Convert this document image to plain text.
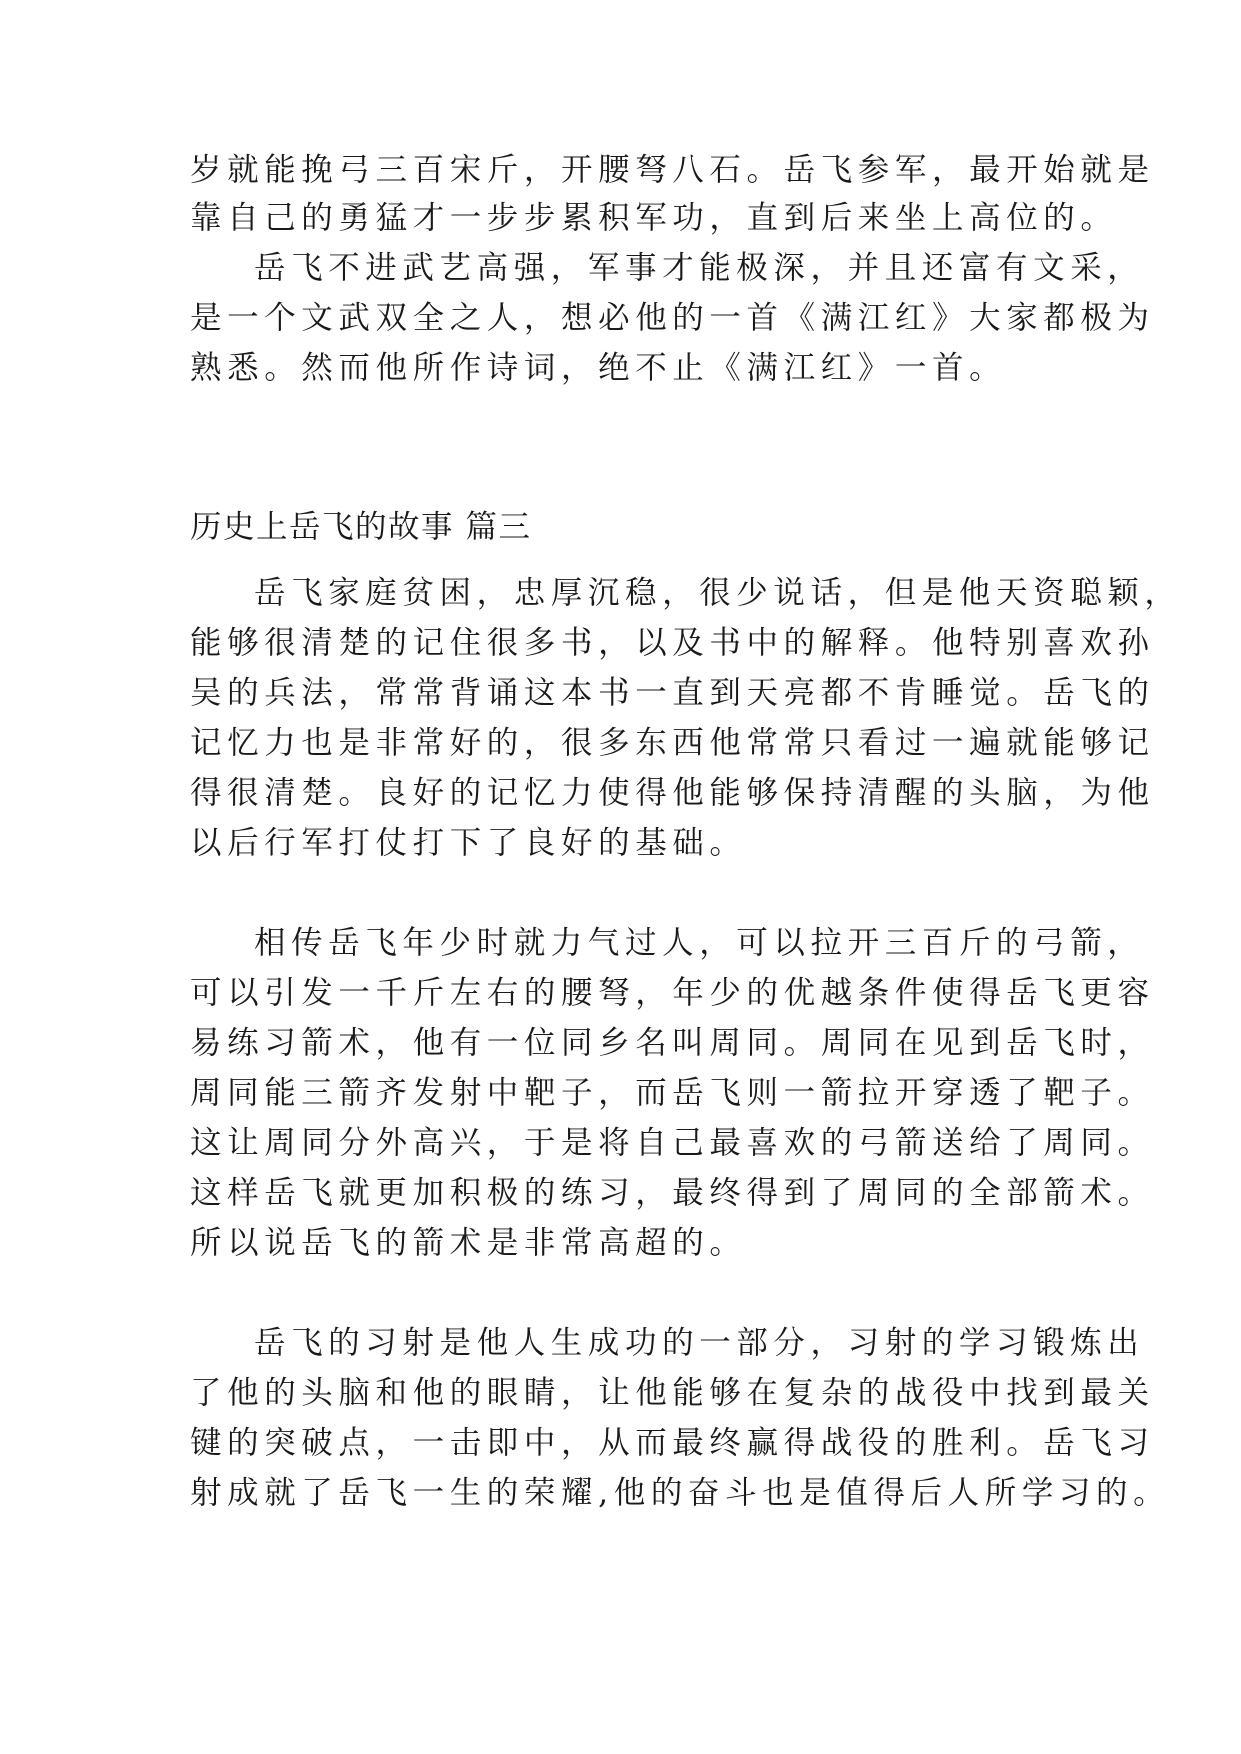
岁就能挽弓三百宋斤，开腰弩八石。岳飞参军，最开始就是
靠自己的勇猛才一步步累积军功，直到后来坐上高位的。
岳飞不进武艺高强，军事才能极深，并且还富有文采，
是一个文武双全之人，想必他的一首《满江红》大家都极为
熟悉。然而他所作诗词，绝不止《满江红》一首。
历史上岳飞的故事 篇三
岳飞家庭贫困，忠厚沉稳，很少说话，但是他天资聪颖，
能够很清楚的记住很多书，以及书中的解释。他特别喜欢孙
吴的兵法，常常背诵这本书一直到天亮都不肯睡觉。岳飞的
记忆力也是非常好的，很多东西他常常只看过一遍就能够记
得很清楚。良好的记忆力使得他能够保持清醒的头脑，为他
以后行军打仗打下了良好的基础。
相传岳飞年少时就力气过人，可以拉开三百斤的弓箭，
可以引发一千斤左右的腰弩，年少的优越条件使得岳飞更容
易练习箭术，他有一位同乡名叫周同。周同在见到岳飞时，
周同能三箭齐发射中靶子，而岳飞则一箭拉开穿透了靶子。
这让周同分外高兴，于是将自己最喜欢的弓箭送给了周同。
这样岳飞就更加积极的练习，最终得到了周同的全部箭术。
所以说岳飞的箭术是非常高超的。
岳飞的习射是他人生成功的一部分，习射的学习锻炼出
了他的头脑和他的眼睛，让他能够在复杂的战役中找到最关
键的突破点，一击即中，从而最终赢得战役的胜利。岳飞习
射成就了岳飞一生的荣耀,他的奋斗也是值得后人所学习的。
